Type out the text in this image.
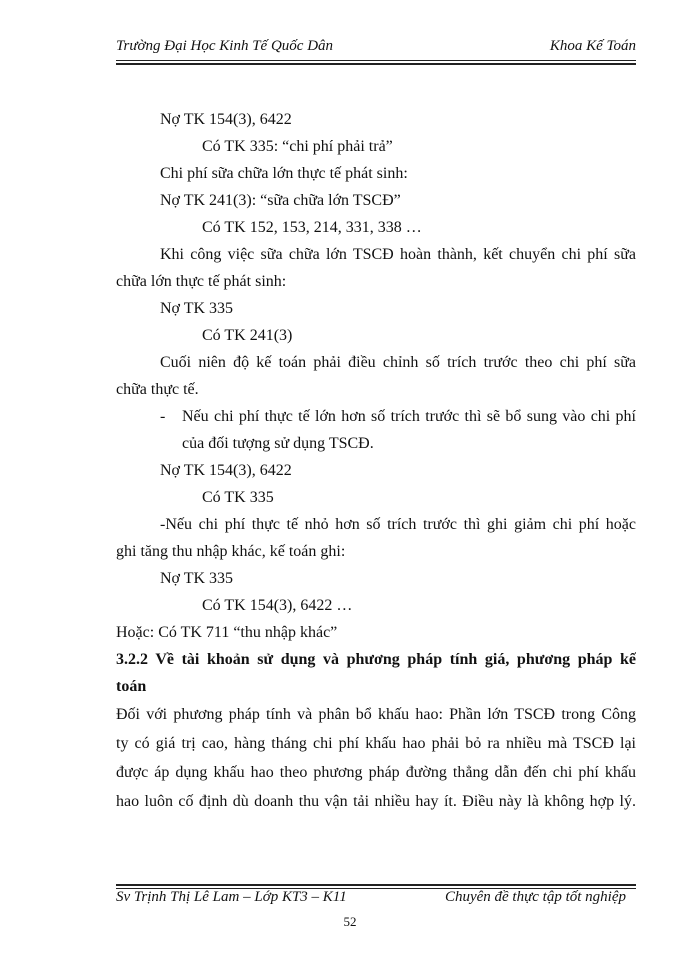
Trường Đại Học Kinh Tế Quốc Dân	Khoa Kế Toán
Nợ TK 154(3), 6422
Có TK 335: “chi phí phải trả”
Chi phí sữa chữa lớn thực tế phát sinh:
Nợ TK 241(3): “sữa chữa lớn TSCĐ”
Có TK 152, 153, 214, 331, 338 …
Khi công việc sữa chữa lớn TSCĐ hoàn thành, kết chuyển chi phí sữa
chữa lớn thực tế phát sinh:
Nợ TK 335
Có TK 241(3)
Cuối niên độ kế toán phải điều chỉnh số trích trước theo chi phí sữa
chữa thực tế.
- Nếu chi phí thực tế lớn hơn số trích trước thì sẽ bổ sung vào chi phí
của đối tượng sử dụng TSCĐ.
Nợ TK 154(3), 6422
Có TK 335
-Nếu chi phí thực tế nhỏ hơn số trích trước thì ghi giảm chi phí hoặc
ghi tăng thu nhập khác, kế toán ghi:
Nợ TK 335
Có TK 154(3), 6422 …
Hoặc: Có TK 711 “thu nhập khác”
3.2.2 Về tài khoản sử dụng và phương pháp tính giá, phương pháp kế
toán
Đối với phương pháp tính và phân bổ khấu hao: Phần lớn TSCĐ trong Công
ty có giá trị cao, hàng tháng chi phí khấu hao phải bỏ ra nhiều mà TSCĐ lại
được áp dụng khấu hao theo phương pháp đường thẳng dẫn đến chi phí khấu
hao luôn cố định dù doanh thu vận tải nhiều hay ít. Điều này là không hợp lý.
Sv Trịnh Thị Lê Lam – Lớp KT3 – K11	Chuyên đề thực tập tốt nghiệp
52
